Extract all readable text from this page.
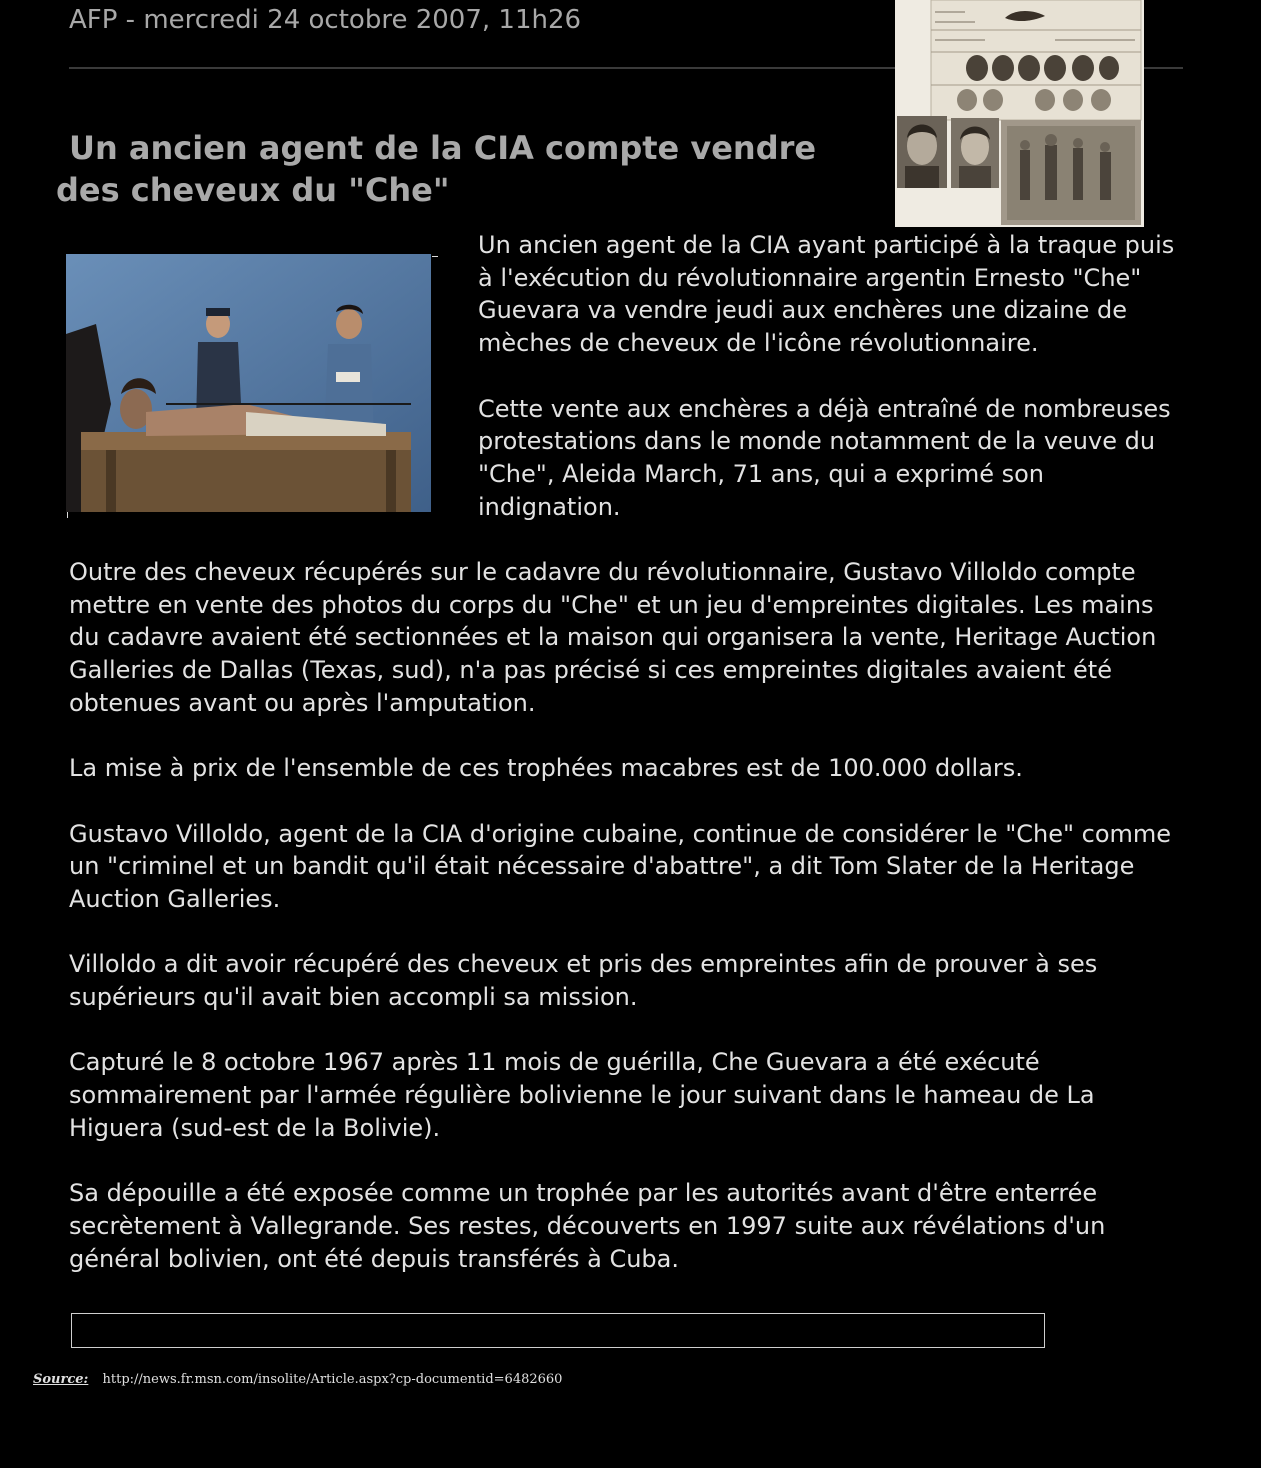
AFP - mercredi 24 octobre 2007, 11h26
Un ancien agent de la CIA compte vendre
des cheveux du "Che"

Un ancien agent de la CIA ayant participé à la traque puis à l'exécution du révolutionnaire argentin Ernesto "Che" Guevara va vendre jeudi aux enchères une dizaine de mèches de cheveux de l'icône révolutionnaire.

Cette vente aux enchères a déjà entraîné de nombreuses protestations dans le monde notamment de la veuve du "Che", Aleida March, 71 ans, qui a exprimé son indignation.

Outre des cheveux récupérés sur le cadavre du révolutionnaire, Gustavo Villoldo compte mettre en vente des photos du corps du "Che" et un jeu d'empreintes digitales. Les mains du cadavre avaient été sectionnées et la maison qui organisera la vente, Heritage Auction Galleries de Dallas (Texas, sud), n'a pas précisé si ces empreintes digitales avaient été obtenues avant ou après l'amputation.

La mise à prix de l'ensemble de ces trophées macabres est de 100.000 dollars.

Gustavo Villoldo, agent de la CIA d'origine cubaine, continue de considérer le "Che" comme un "criminel et un bandit qu'il était nécessaire d'abattre", a dit Tom Slater de la Heritage Auction Galleries.

Villoldo a dit avoir récupéré des cheveux et pris des empreintes afin de prouver à ses supérieurs qu'il avait bien accompli sa mission.

Capturé le 8 octobre 1967 après 11 mois de guérilla, Che Guevara a été exécuté sommairement par l'armée régulière bolivienne le jour suivant dans le hameau de La Higuera (sud-est de la Bolivie).

Sa dépouille a été exposée comme un trophée par les autorités avant d'être enterrée secrètement à Vallegrande. Ses restes, découverts en 1997 suite aux révélations d'un général bolivien, ont été depuis transférés à Cuba.

Source: http://news.fr.msn.com/insolite/Article.aspx?cp-documentid=6482660
